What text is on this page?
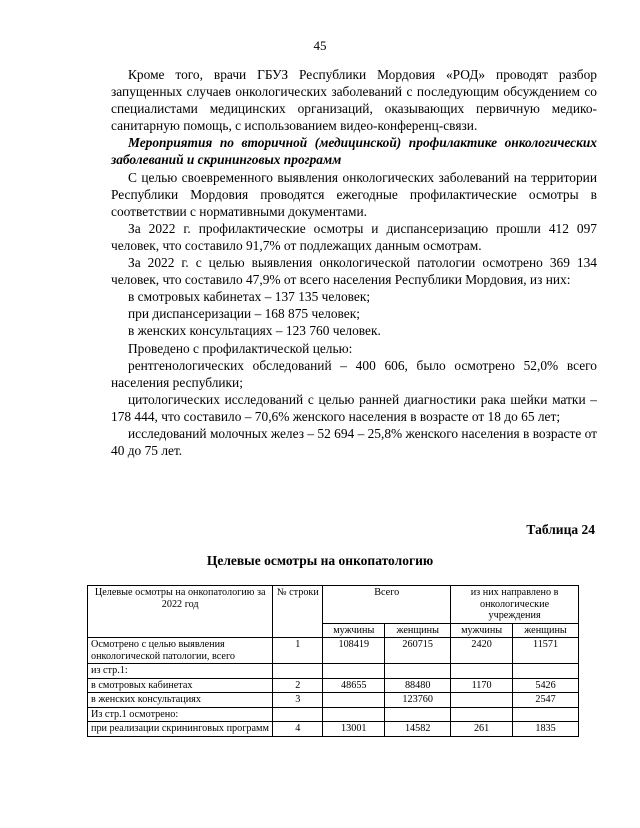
45

Кроме того, врачи ГБУЗ Республики Мордовия «РОД» проводят разбор запущенных случаев онкологических заболеваний с последующим обсуждением со специалистами медицинских организаций, оказывающих первичную медико-санитарную помощь, с использованием видео-конференц-связи.

Мероприятия по вторичной (медицинской) профилактике онкологических заболеваний и скрининговых программ

С целью своевременного выявления онкологических заболеваний на территории Республики Мордовия проводятся ежегодные профилактические осмотры в соответствии с нормативными документами.

За 2022 г. профилактические осмотры и диспансеризацию прошли 412 097 человек, что составило 91,7% от подлежащих данным осмотрам.

За 2022 г. с целью выявления онкологической патологии осмотрено 369 134 человек, что составило 47,9% от всего населения Республики Мордовия, из них:

в смотровых кабинетах – 137 135 человек;

при диспансеризации – 168 875 человек;

в женских консультациях – 123 760 человек.

Проведено с профилактической целью:

рентгенологических обследований – 400 606, было осмотрено 52,0% всего населения республики;

цитологических исследований с целью ранней диагностики рака шейки матки – 178 444, что составило – 70,6% женского населения в возрасте от 18 до 65 лет;

исследований молочных желез – 52 694 – 25,8% женского населения в возрасте от 40 до 75 лет.

Таблица 24
Целевые осмотры на онкопатологию
Целевые осмотры на онкопатологию за 2022 год	№ строки	Всего		из них направлено в онкологические учреждения	
		мужчины	женщины	мужчины	женщины
Осмотрено с целью выявления онкологической патологии, всего	1	108419	260715	2420	11571
из стр.1:					
в смотровых кабинетах	2	48655	88480	1170	5426
в женских консультациях	3		123760		2547
Из стр.1 осмотрено:					
при реализации скрининговых программ	4	13001	14582	261	1835
